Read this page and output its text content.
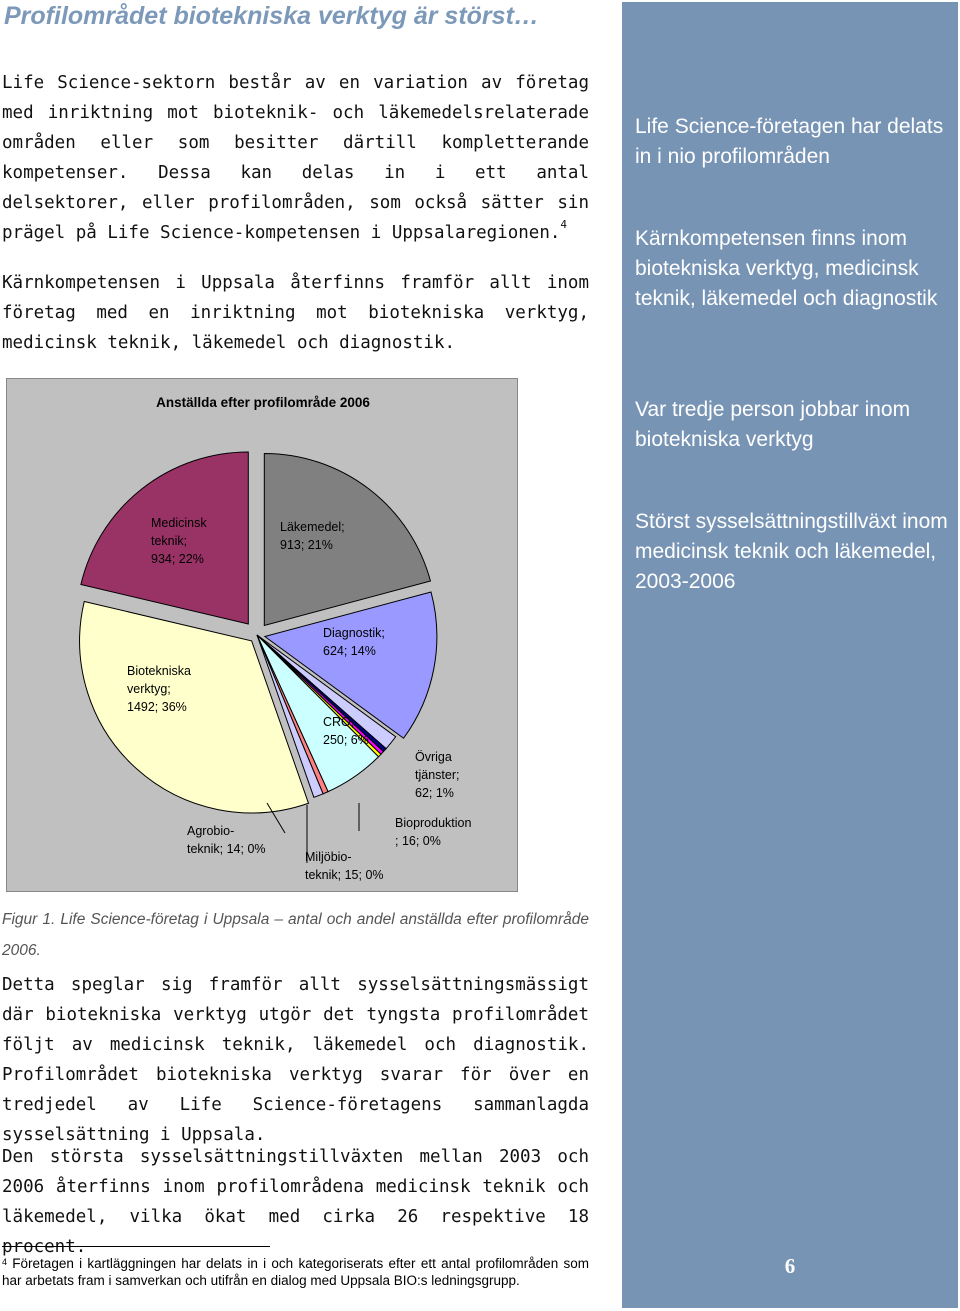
Profilområdet biotekniska verktyg är störst…
Life Science-sektorn består av en variation av företag med inriktning mot bioteknik- och läkemedelsrelaterade områden eller som besitter därtill kompletterande kompetenser. Dessa kan delas in i ett antal delsektorer, eller profilområden, som också sätter sin prägel på Life Science-kompetensen i Uppsalaregionen.$^4$
Kärnkompetensen i Uppsala återfinns framför allt inom företag med en inriktning mot biotekniska verktyg, medicinsk teknik, läkemedel och diagnostik.
Anställda efter profilområde 2006
Läkemedel; 913; 21%
Diagnostik; 624; 14%
Övriga tjänster; 62; 1%
Bioproduktion ; 16; 0%
Miljöbio-teknik; 15; 0%
Agrobio-teknik; 14; 0%
CRO; 250; 6%
Biotekniska verktyg; 1492; 36%
Medicinsk teknik; 934; 22%
Figur 1. Life Science-företag i Uppsala – antal och andel anställda efter profilområde 2006.
Detta speglar sig framför allt sysselsättningsmässigt där biotekniska verktyg utgör det tyngsta profilområdet följt av medicinsk teknik, läkemedel och diagnostik. Profilområdet biotekniska verktyg svarar för över en tredjedel av Life Science-företagens sammanlagda sysselsättning i Uppsala.
Den största sysselsättningstillväxten mellan 2003 och 2006 återfinns inom profilområdena medicinsk teknik och läkemedel, vilka ökat med cirka 26 respektive 18 procent.
$^4$ Företagen i kartläggningen har delats in i och kategoriserats efter ett antal profilområden som har arbetats fram i samverkan och utifrån en dialog med Uppsala BIO:s ledningsgrupp.
Life Science-företagen har delats in i nio profilområden
Kärnkompetensen finns inom biotekniska verktyg, medicinsk teknik, läkemedel och diagnostik
Var tredje person jobbar inom biotekniska verktyg
Störst sysselsättningstillväxt inom medicinsk teknik och läkemedel, 2003-2006
6
